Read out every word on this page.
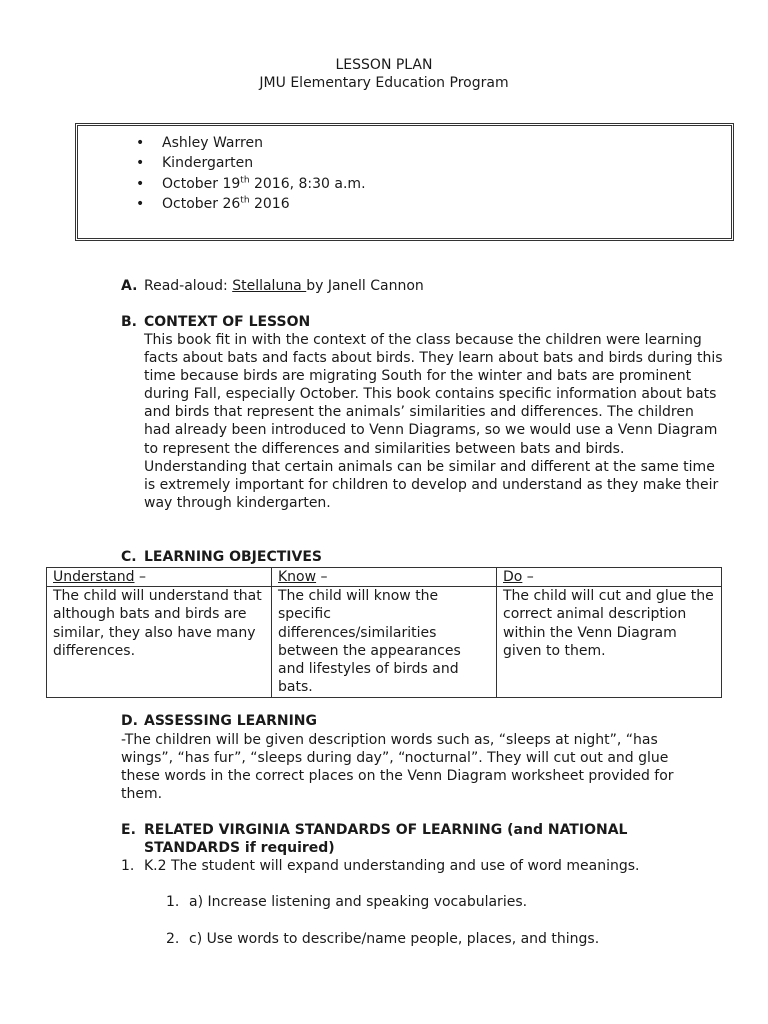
LESSON PLAN
JMU Elementary Education Program
• Ashley Warren
• Kindergarten
• October 19th 2016, 8:30 a.m.
• October 26th 2016
A. Read-aloud: Stellaluna by Janell Cannon
B. CONTEXT OF LESSON
This book fit in with the context of the class because the children were learning facts about bats and facts about birds. They learn about bats and birds during this time because birds are migrating South for the winter and bats are prominent during Fall, especially October. This book contains specific information about bats and birds that represent the animals’ similarities and differences. The children had already been introduced to Venn Diagrams, so we would use a Venn Diagram to represent the differences and similarities between bats and birds. Understanding that certain animals can be similar and different at the same time is extremely important for children to develop and understand as they make their way through kindergarten.
C. LEARNING OBJECTIVES
Understand –	Know –	Do –
The child will understand that although bats and birds are similar, they also have many differences.	The child will know the specific differences/similarities between the appearances and lifestyles of birds and bats.	The child will cut and glue the correct animal description within the Venn Diagram given to them.
D. ASSESSING LEARNING
-The children will be given description words such as, “sleeps at night”, “has wings”, “has fur”, “sleeps during day”, “nocturnal”. They will cut out and glue these words in the correct places on the Venn Diagram worksheet provided for them.
E. RELATED VIRGINIA STANDARDS OF LEARNING (and NATIONAL
STANDARDS if required)
1. K.2 The student will expand understanding and use of word meanings.
1. a) Increase listening and speaking vocabularies.
2. c) Use words to describe/name people, places, and things.
